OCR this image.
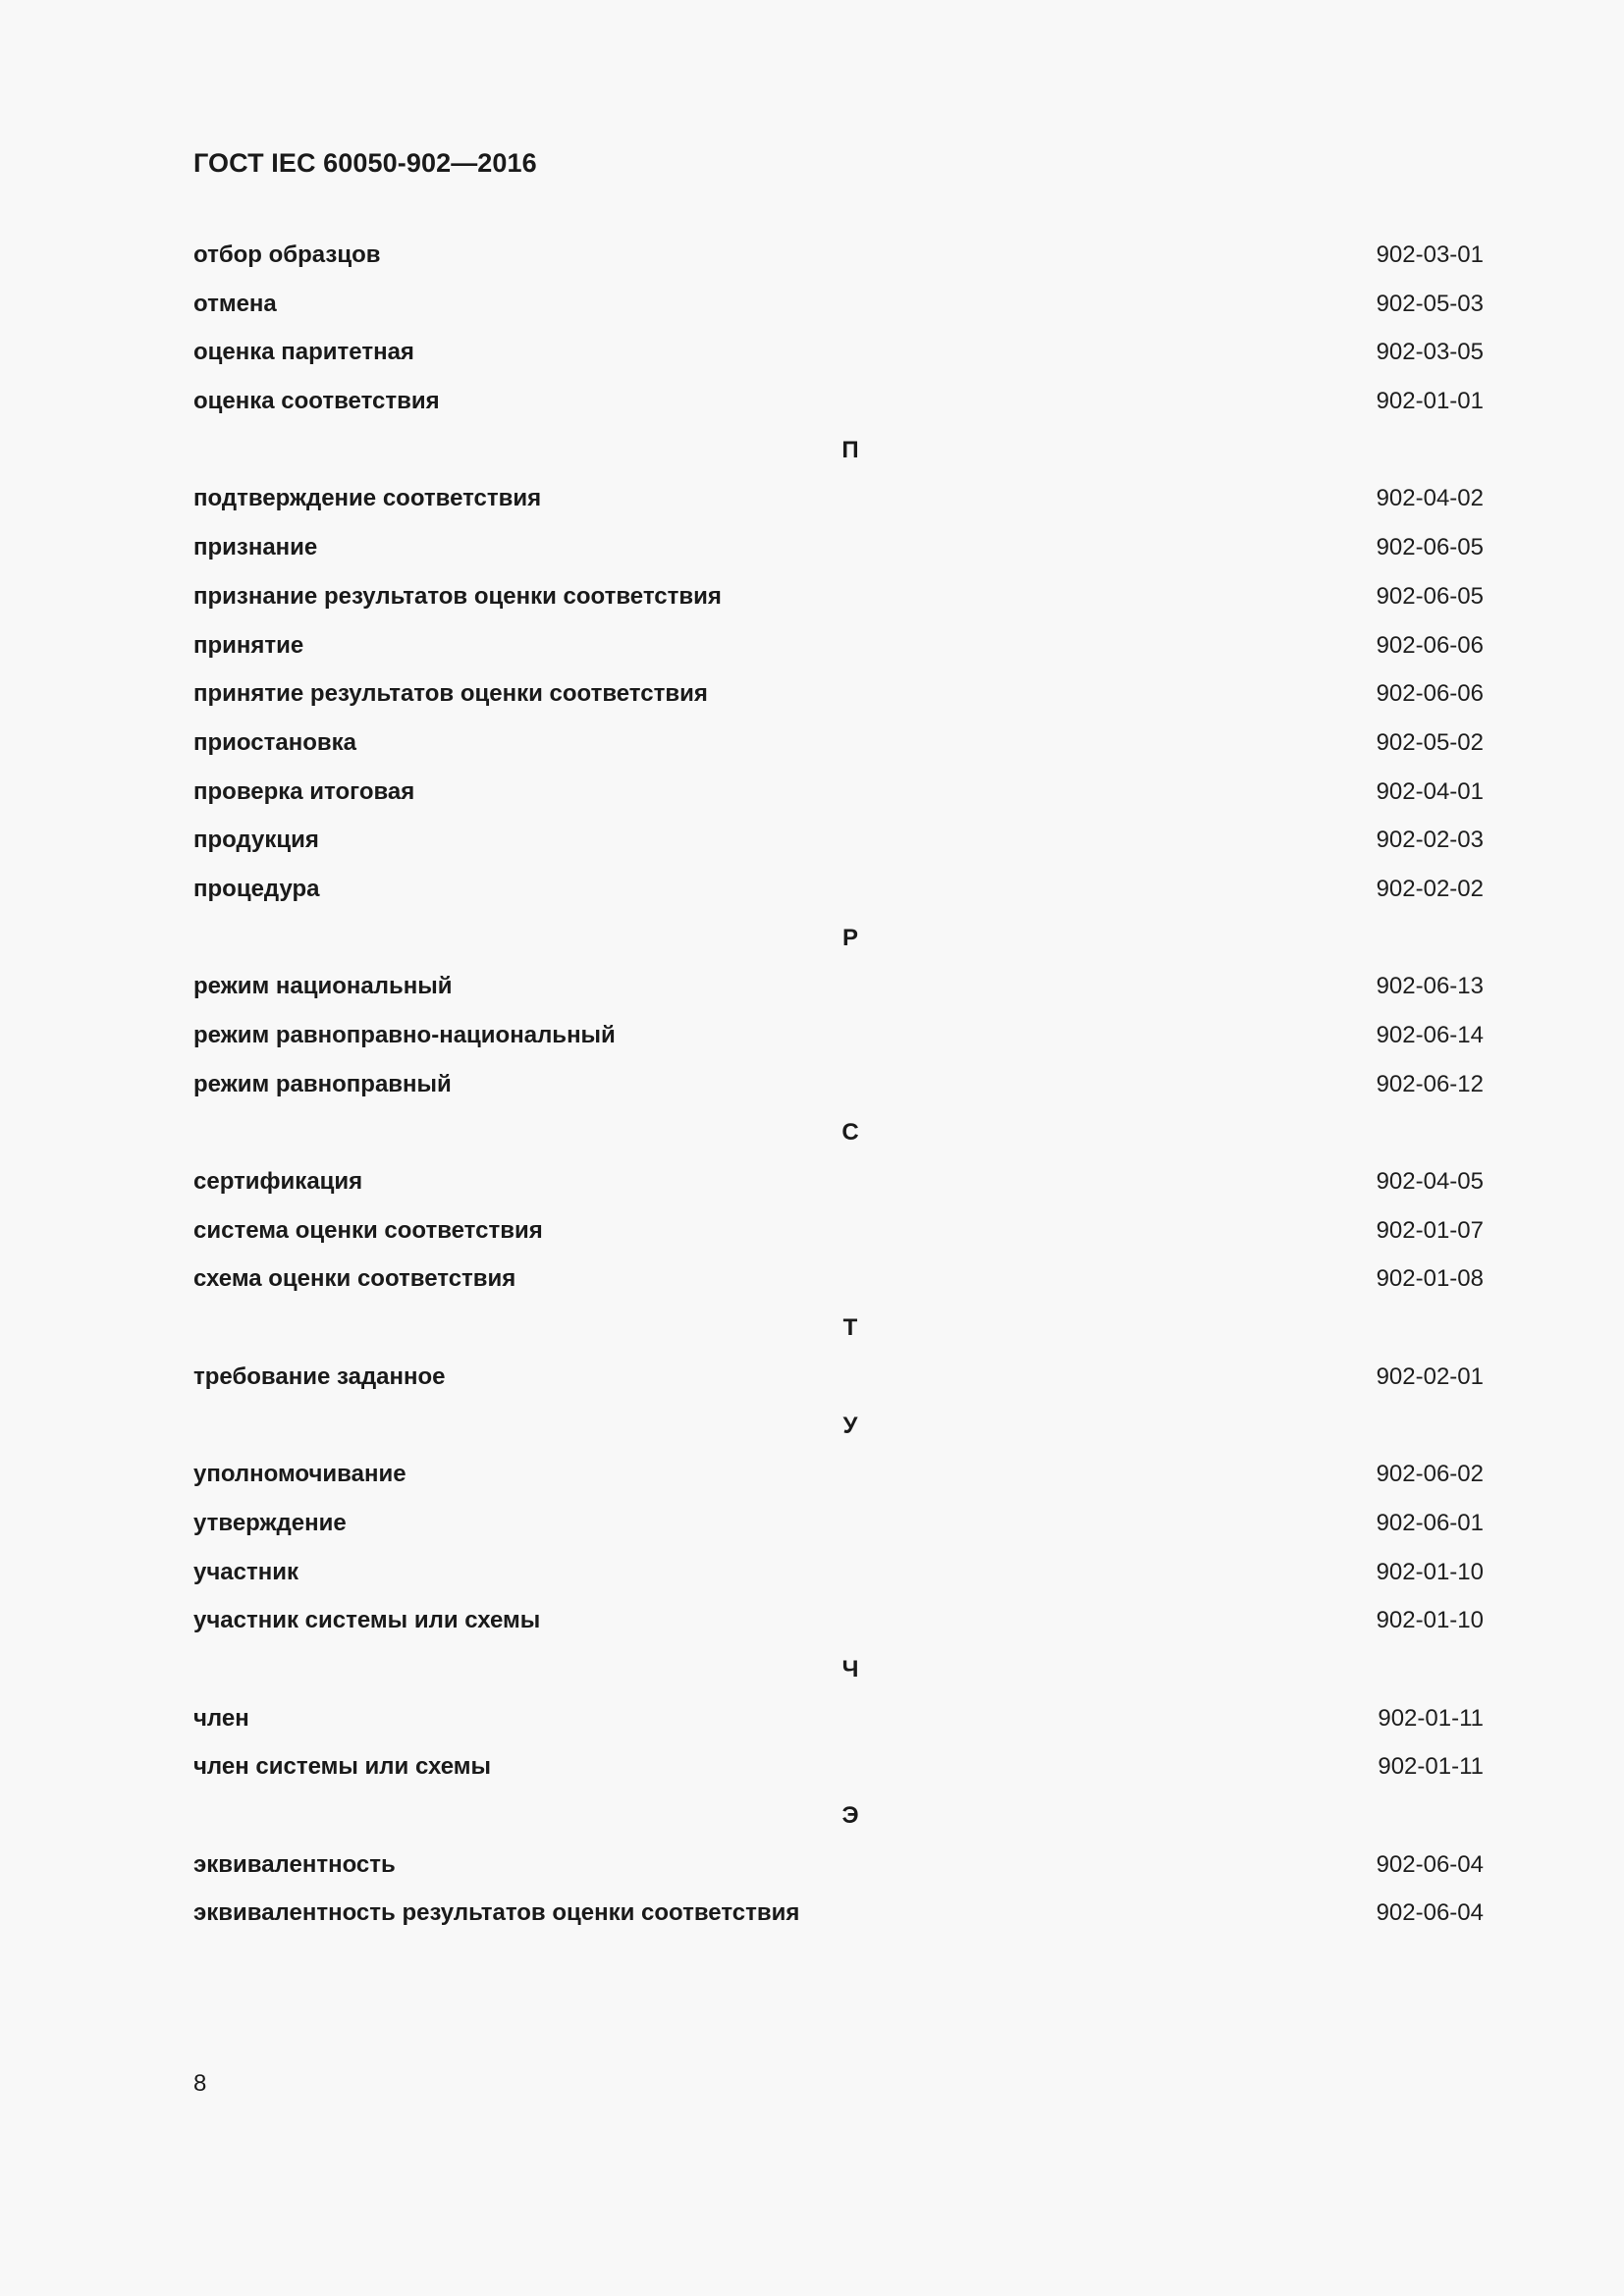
ГОСТ IEC 60050-902—2016
отбор образцов	902-03-01
отмена	902-05-03
оценка паритетная	902-03-05
оценка соответствия	902-01-01
П
подтверждение соответствия	902-04-02
признание	902-06-05
признание результатов оценки соответствия	902-06-05
принятие	902-06-06
принятие результатов оценки соответствия	902-06-06
приостановка	902-05-02
проверка итоговая	902-04-01
продукция	902-02-03
процедура	902-02-02
Р
режим национальный	902-06-13
режим равноправно-национальный	902-06-14
режим равноправный	902-06-12
С
сертификация	902-04-05
система оценки соответствия	902-01-07
схема оценки соответствия	902-01-08
Т
требование заданное	902-02-01
У
уполномочивание	902-06-02
утверждение	902-06-01
участник	902-01-10
участник системы или схемы	902-01-10
Ч
член	902-01-11
член системы или схемы	902-01-11
Э
эквивалентность	902-06-04
эквивалентность результатов оценки соответствия	902-06-04
8
